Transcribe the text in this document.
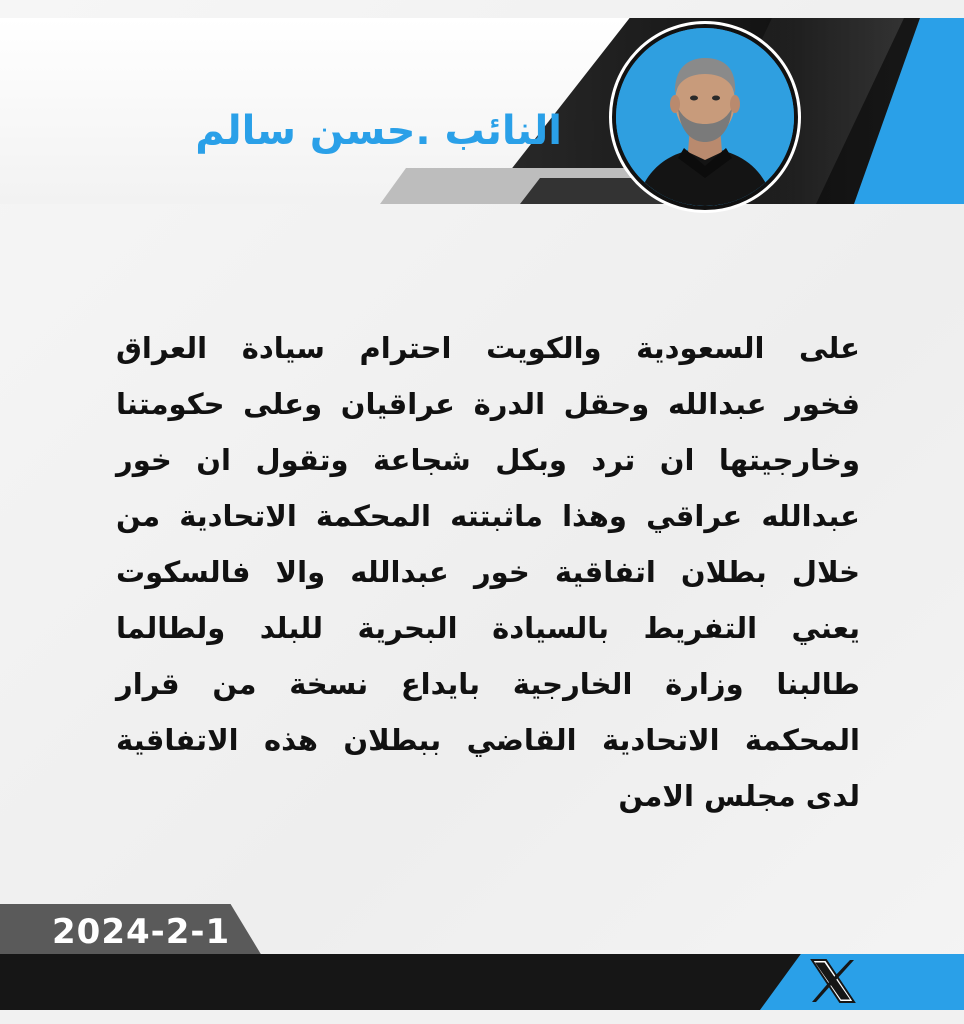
النائب .حسن سالم
على السعودية والكويت احترام سيادة العراق
فخور عبدالله وحقل الدرة عراقيان وعلى حكومتنا
وخارجيتها ان ترد وبكل شجاعة وتقول ان خور
عبدالله عراقي وهذا ماثبتته المحكمة الاتحادية من
خلال بطلان اتفاقية خور عبدالله والا فالسكوت
يعني التفريط بالسيادة البحرية للبلد ولطالما
طالبنا وزارة الخارجية بايداع نسخة من قرار
المحكمة الاتحادية القاضي ببطلان هذه الاتفاقية
لدى مجلس الامن
2024-2-1
